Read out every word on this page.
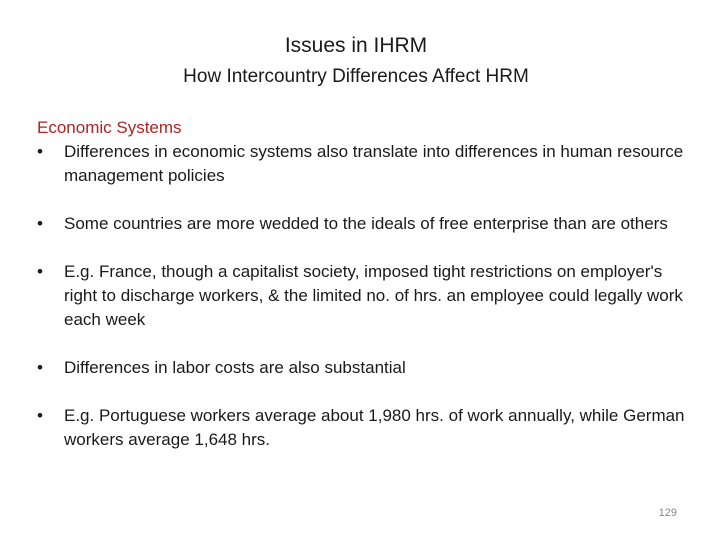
Issues in IHRM
How Intercountry Differences Affect HRM
Economic Systems
•	Differences in economic systems also translate into differences in human resource management policies
•	Some countries are more wedded to the ideals of free enterprise than are others
•	E.g. France, though a capitalist society, imposed tight restrictions on employer's right to discharge workers, & the limited no. of hrs. an employee could legally work each week
•	Differences in labor costs are also substantial
•	E.g. Portuguese workers average about 1,980 hrs. of work annually, while German workers average 1,648 hrs.
129
